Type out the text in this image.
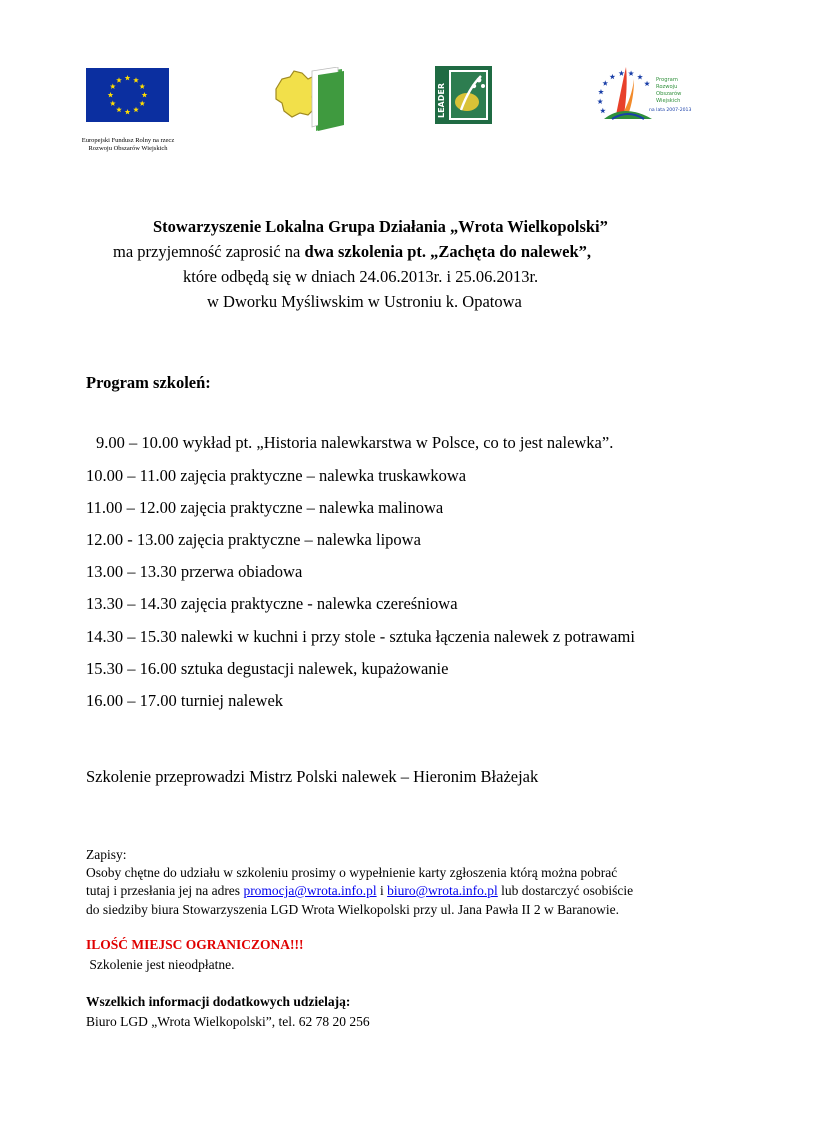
Europejski Fundusz Rolny na rzecz
Rozwoju Obszarów Wiejskich
LEADER
Program
Rozwoju
Obszarów
Wiejskich
na lata 2007-2013
Stowarzyszenie Lokalna Grupa Działania „Wrota Wielkopolski”
ma przyjemność zaprosić na dwa szkolenia pt. „Zachęta do nalewek”,
które odbędą się w dniach 24.06.2013r. i 25.06.2013r.
w Dworku Myśliwskim w Ustroniu k. Opatowa
Program szkoleń:
9.00 – 10.00 wykład pt. „Historia nalewkarstwa w Polsce, co to jest nalewka”.
10.00 – 11.00 zajęcia praktyczne – nalewka truskawkowa
11.00 – 12.00 zajęcia praktyczne – nalewka malinowa
12.00 - 13.00 zajęcia praktyczne – nalewka lipowa
13.00 – 13.30 przerwa obiadowa
13.30 – 14.30 zajęcia praktyczne - nalewka czereśniowa
14.30 – 15.30 nalewki w kuchni i przy stole - sztuka łączenia nalewek z potrawami
15.30 – 16.00 sztuka degustacji nalewek, kupażowanie
16.00 – 17.00 turniej nalewek
Szkolenie przeprowadzi Mistrz Polski nalewek – Hieronim Błażejak
Zapisy:
Osoby chętne do udziału w szkoleniu prosimy o wypełnienie karty zgłoszenia którą można pobrać
tutaj i przesłania jej na adres promocja@wrota.info.pl i biuro@wrota.info.pl lub dostarczyć osobiście
do siedziby biura Stowarzyszenia LGD Wrota Wielkopolski przy ul. Jana Pawła II 2 w Baranowie.
ILOŚĆ MIEJSC OGRANICZONA!!!
Szkolenie jest nieodpłatne.
Wszelkich informacji dodatkowych udzielają:
Biuro LGD „Wrota Wielkopolski”, tel. 62 78 20 256
